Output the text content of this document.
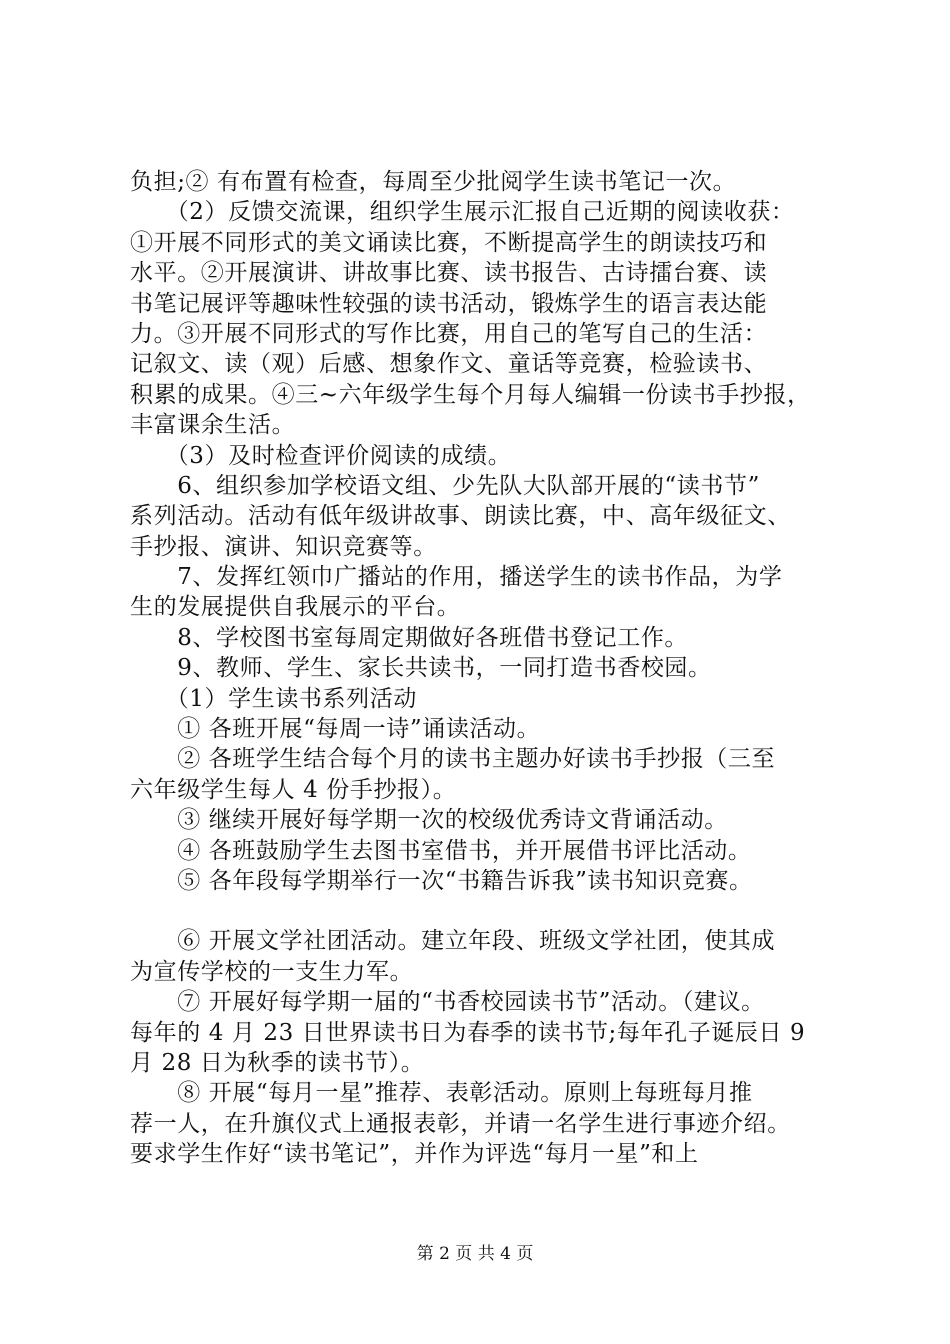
负担;② 有布置有检查，每周至少批阅学生读书笔记一次。
　　（2）反馈交流课，组织学生展示汇报自己近期的阅读收获：
①开展不同形式的美文诵读比赛，不断提高学生的朗读技巧和
水平。②开展演讲、讲故事比赛、读书报告、古诗擂台赛、读
书笔记展评等趣味性较强的读书活动，锻炼学生的语言表达能
力。③开展不同形式的写作比赛，用自己的笔写自己的生活：
记叙文、读（观）后感、想象作文、童话等竞赛，检验读书、
积累的成果。④三~六年级学生每个月每人编辑一份读书手抄报，
丰富课余生活。
　　（3）及时检查评价阅读的成绩。
　　6、组织参加学校语文组、少先队大队部开展的“读书节”
系列活动。活动有低年级讲故事、朗读比赛，中、高年级征文、
手抄报、演讲、知识竞赛等。
　　7、发挥红领巾广播站的作用，播送学生的读书作品，为学
生的发展提供自我展示的平台。
　　8、学校图书室每周定期做好各班借书登记工作。
　　9、教师、学生、家长共读书，一同打造书香校园。
　　（1）学生读书系列活动
　　① 各班开展“每周一诗”诵读活动。
　　② 各班学生结合每个月的读书主题办好读书手抄报（三至
六年级学生每人 4 份手抄报）。
　　③ 继续开展好每学期一次的校级优秀诗文背诵活动。
　　④ 各班鼓励学生去图书室借书，并开展借书评比活动。
　　⑤ 各年段每学期举行一次“书籍告诉我”读书知识竞赛。
　　⑥ 开展文学社团活动。建立年段、班级文学社团，使其成
为宣传学校的一支生力军。
　　⑦ 开展好每学期一届的“书香校园读书节”活动。（建议。
每年的 4 月 23 日世界读书日为春季的读书节;每年孔子诞辰日 9
月 28 日为秋季的读书节）。
　　⑧ 开展“每月一星”推荐、表彰活动。原则上每班每月推
荐一人，在升旗仪式上通报表彰，并请一名学生进行事迹介绍。
要求学生作好“读书笔记”，并作为评选“每月一星”和上
第 2 页 共 4 页
